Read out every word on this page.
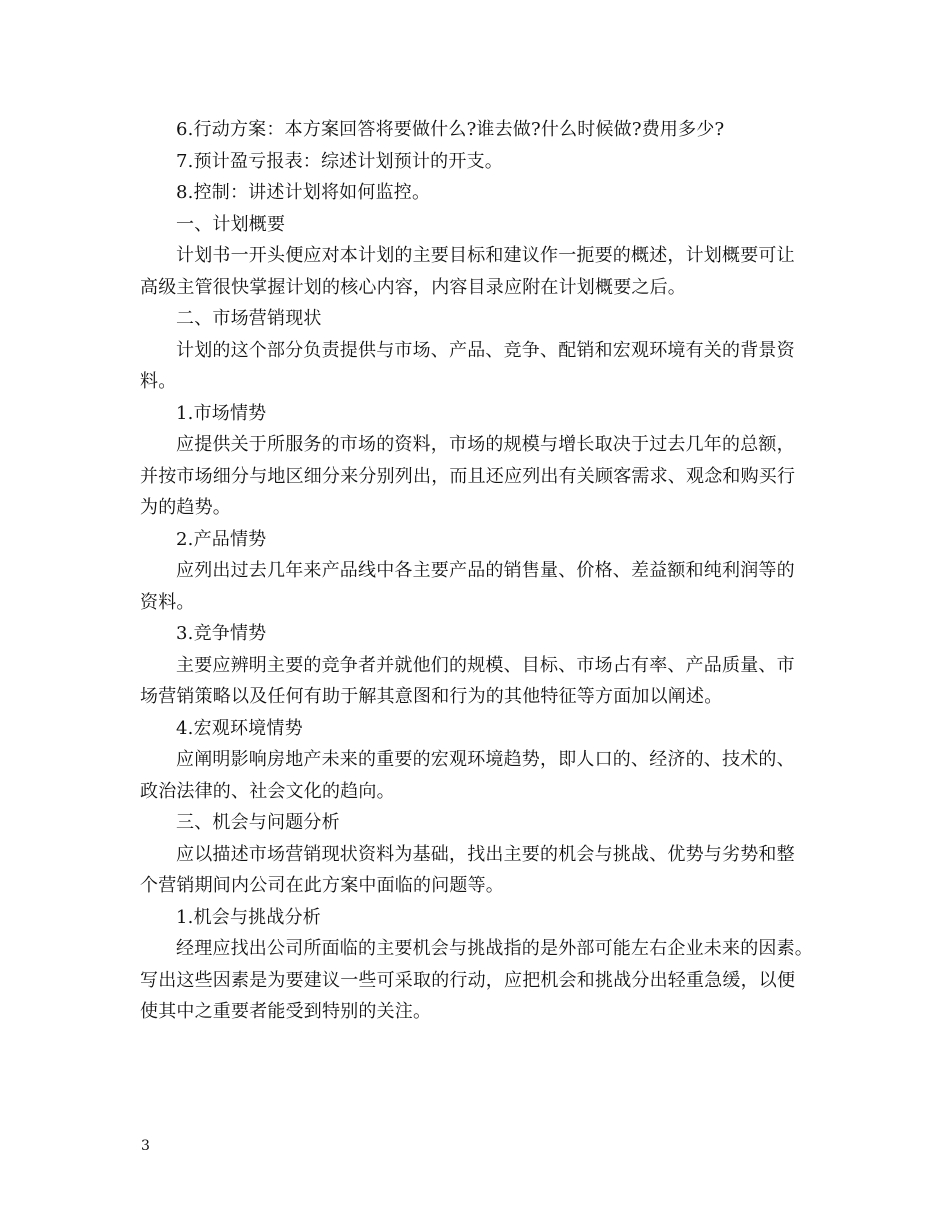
6.行动方案：本方案回答将要做什么?谁去做?什么时候做?费用多少?
7.预计盈亏报表：综述计划预计的开支。
8.控制：讲述计划将如何监控。
一、计划概要
计划书一开头便应对本计划的主要目标和建议作一扼要的概述，计划概要可让
高级主管很快掌握计划的核心内容，内容目录应附在计划概要之后。
二、市场营销现状
计划的这个部分负责提供与市场、产品、竞争、配销和宏观环境有关的背景资
料。
1.市场情势
应提供关于所服务的市场的资料，市场的规模与增长取决于过去几年的总额，
并按市场细分与地区细分来分别列出，而且还应列出有关顾客需求、观念和购买行
为的趋势。
2.产品情势
应列出过去几年来产品线中各主要产品的销售量、价格、差益额和纯利润等的
资料。
3.竞争情势
主要应辨明主要的竞争者并就他们的规模、目标、市场占有率、产品质量、市
场营销策略以及任何有助于解其意图和行为的其他特征等方面加以阐述。
4.宏观环境情势
应阐明影响房地产未来的重要的宏观环境趋势，即人口的、经济的、技术的、
政治法律的、社会文化的趋向。
三、机会与问题分析
应以描述市场营销现状资料为基础，找出主要的机会与挑战、优势与劣势和整
个营销期间内公司在此方案中面临的问题等。
1.机会与挑战分析
经理应找出公司所面临的主要机会与挑战指的是外部可能左右企业未来的因素。
写出这些因素是为要建议一些可采取的行动，应把机会和挑战分出轻重急缓，以便
使其中之重要者能受到特别的关注。
3
